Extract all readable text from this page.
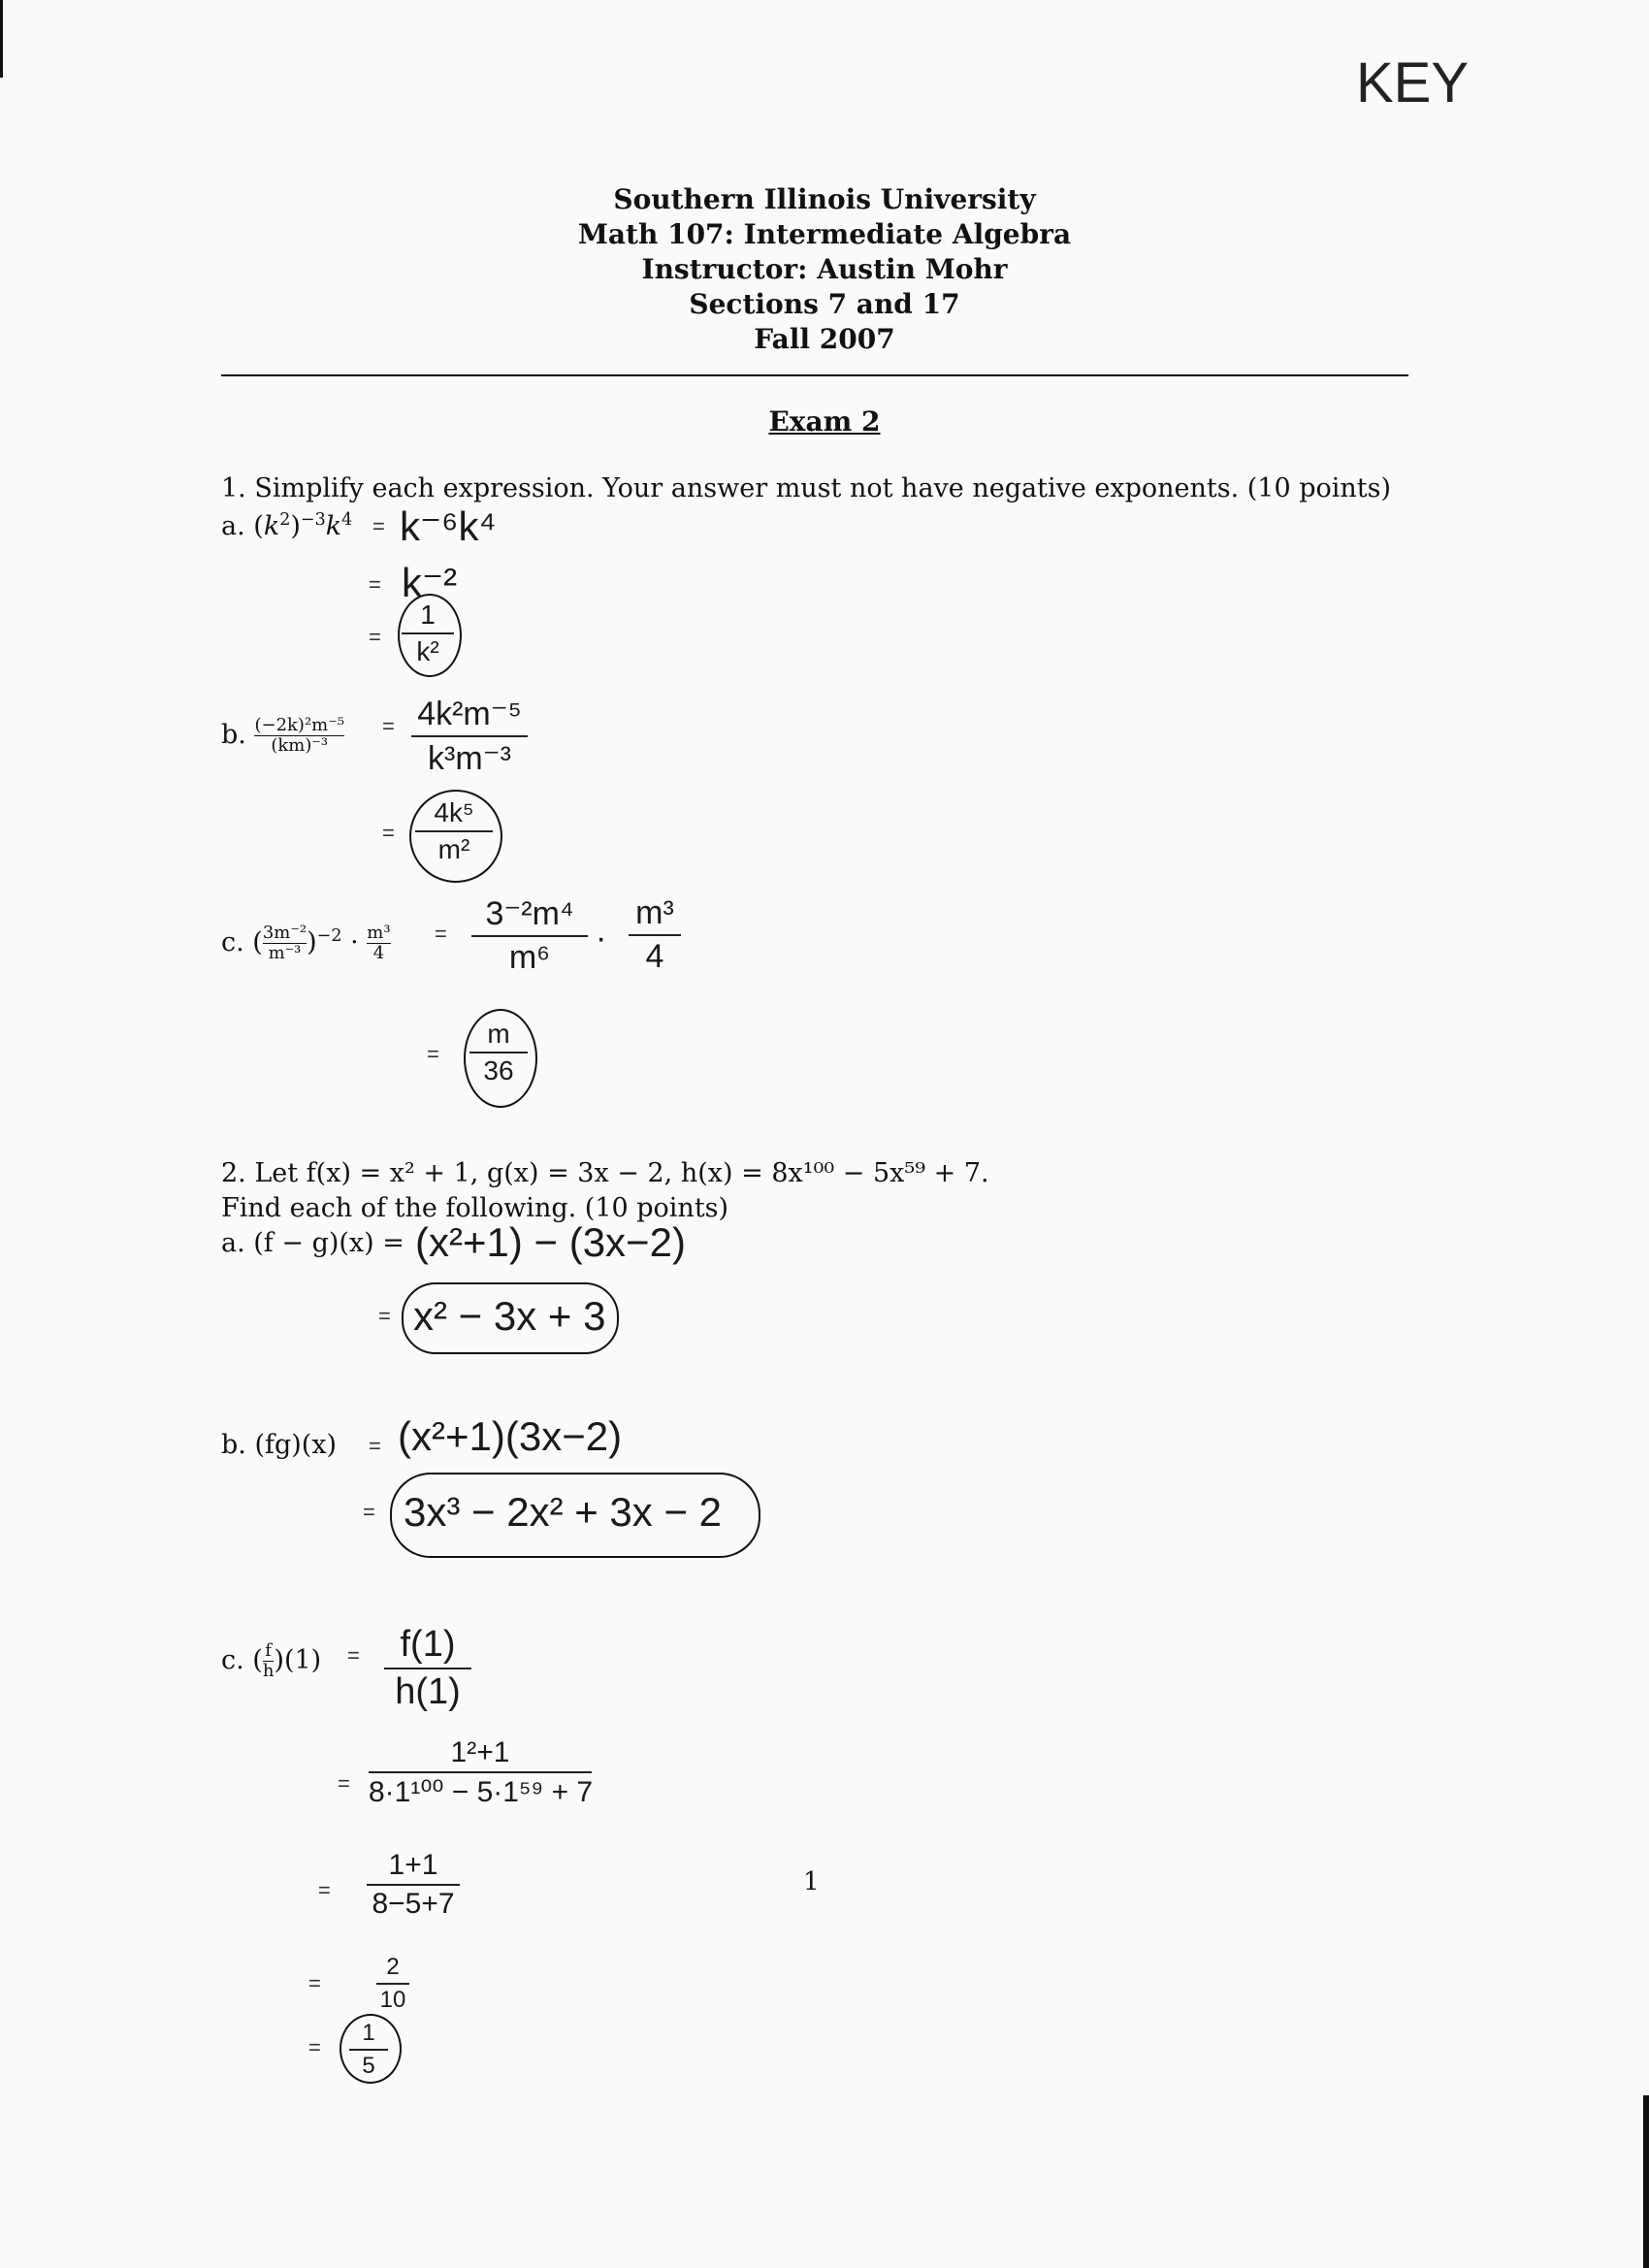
KEY
Southern Illinois University
Math 107: Intermediate Algebra
Instructor: Austin Mohr
Sections 7 and 17
Fall 2007
Exam 2
1. Simplify each expression. Your answer must not have negative exponents. (10 points)
a. $(k^2)^{-3}k^4 = k^{-6}k^4$
= k⁻²
=
1
k²
b. $\frac{\text{(−2k)²m⁻⁵}}{\text{(km)⁻³}} = 4k^2m^{-5}$
k³m⁻³
=
4k⁵
m²
c. $(\frac{\text{3m⁻²}}{\text{m⁻³}})^{-2} \cdot \frac{\text{m³}}{4}$ =
3⁻²m⁴
m⁶
·
m³
4
=
m
36
2. Let f(x) = x² + 1, g(x) = 3x − 2, h(x) = 8x¹⁰⁰ − 5x⁵⁹ + 7.
Find each of the following. (10 points)
a. (f − g)(x) = (x²+1) − (3x−2)
= x² − 3x + 3
b. (fg)(x) = (x²+1)(3x−2)
= 3x³ − 2x² + 3x − 2
c. $(\frac{f}{h})(1)$ =	f(1)
h(1)
=
1²+1
8·1¹⁰⁰ − 5·1⁵⁹ + 7
=
1+1
8−5+7
=
2
10
=
1
5
1
